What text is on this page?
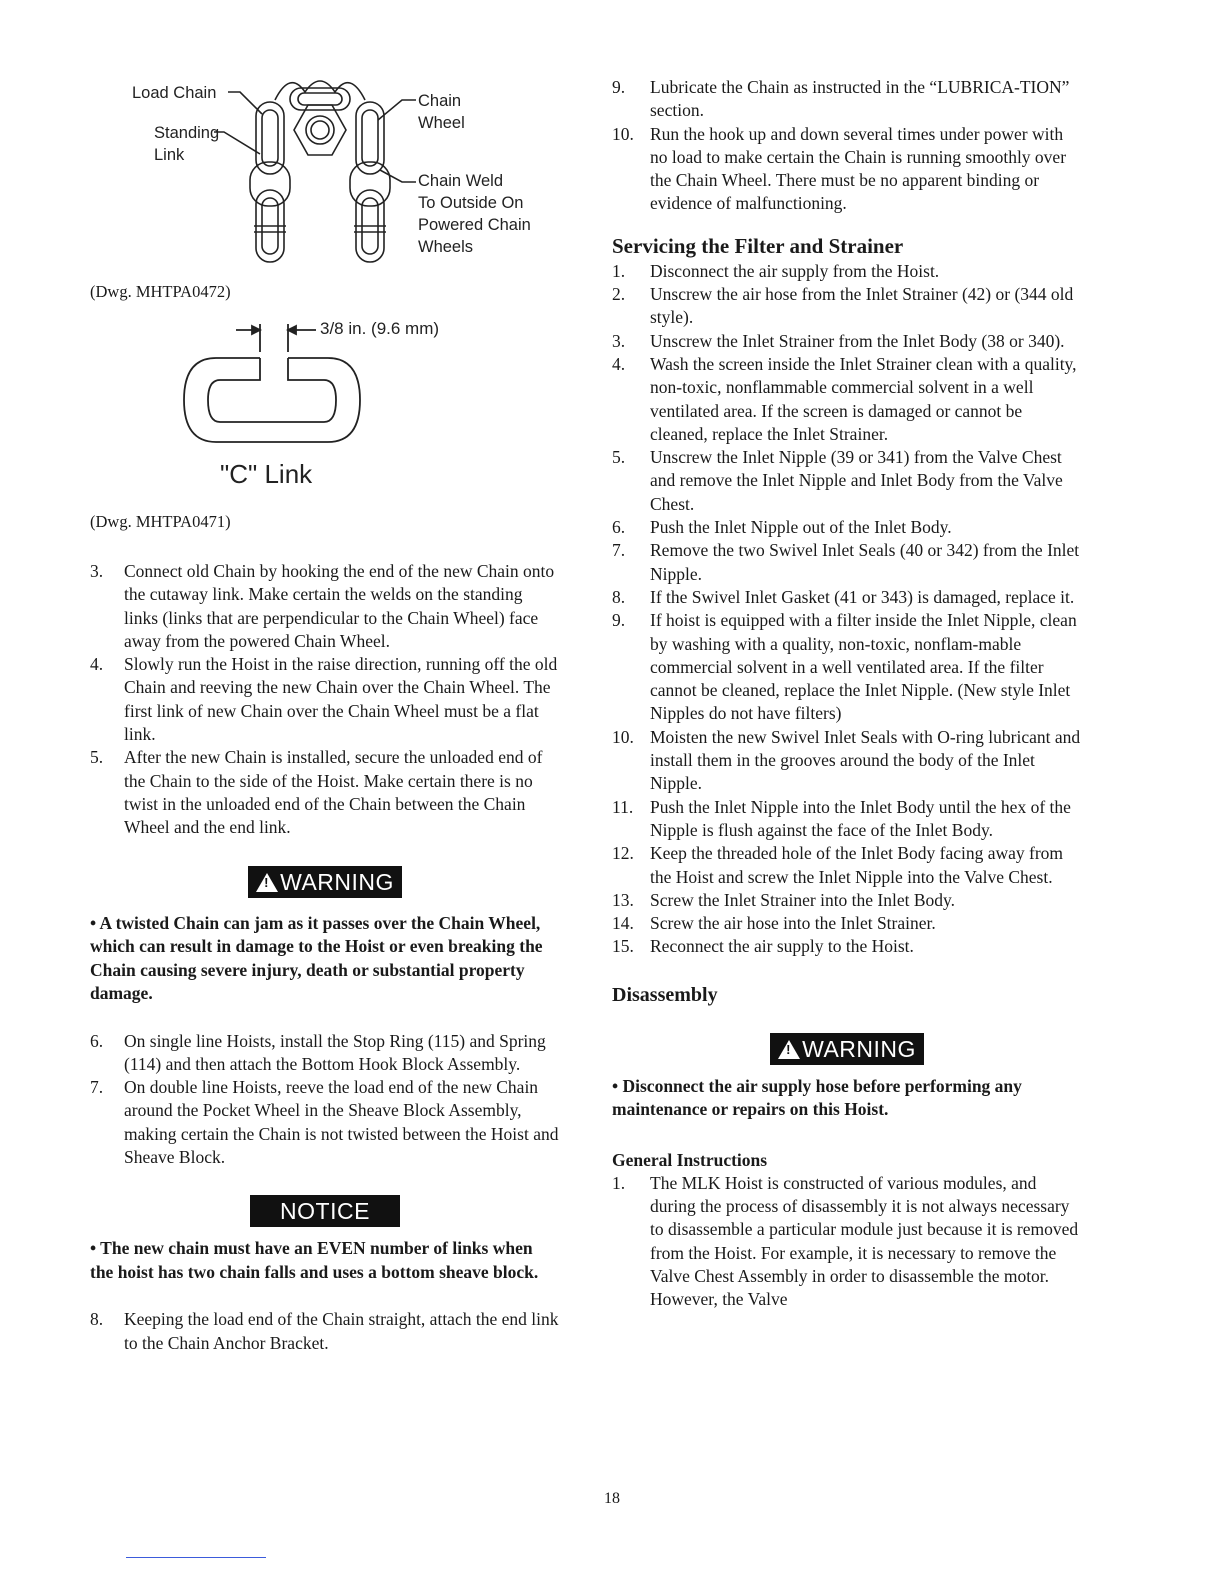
Load Chain
Standing
Link
Chain
Wheel
Chain Weld
To Outside On
Powered Chain
Wheels

(Dwg. MHTPA0472)

3/8 in. (9.6 mm)
"C" Link

(Dwg. MHTPA0471)

3.	Connect old Chain by hooking the end of the new Chain onto the cutaway link. Make certain the welds on the standing links (links that are perpendicular to the Chain Wheel) face away from the powered Chain Wheel.
4.	Slowly run the Hoist in the raise direction, running off the old Chain and reeving the new Chain over the Chain Wheel. The first link of new Chain over the Chain Wheel must be a flat link.
5.	After the new Chain is installed, secure the unloaded end of the Chain to the side of the Hoist. Make certain there is no twist in the unloaded end of the Chain between the Chain Wheel and the end link.
!WARNING

• A twisted Chain can jam as it passes over the Chain Wheel, which can result in damage to the Hoist or even breaking the Chain causing severe injury, death or substantial property damage.

6.	On single line Hoists, install the Stop Ring (115) and Spring (114) and then attach the Bottom Hook Block Assembly.
7.	On double line Hoists, reeve the load end of the new Chain around the Pocket Wheel in the Sheave Block Assembly, making certain the Chain is not twisted between the Hoist and Sheave Block.
NOTICE

• The new chain must have an EVEN number of links when the hoist has two chain falls and uses a bottom sheave block.

8.	Keeping the load end of the Chain straight, attach the end link to the Chain Anchor Bracket.
9.	Lubricate the Chain as instructed in the “LUBRICA-TION” section.
10. Run the hook up and down several times under power with no load to make certain the Chain is running smoothly over the Chain Wheel. There must be no apparent binding or evidence of malfunctioning.
Servicing the Filter and Strainer
1.	Disconnect the air supply from the Hoist.
2.	Unscrew the air hose from the Inlet Strainer (42) or (344 old style).
3.	Unscrew the Inlet Strainer from the Inlet Body (38 or 340).
4.	Wash the screen inside the Inlet Strainer clean with a quality, non-toxic, nonflammable commercial solvent in a well ventilated area. If the screen is damaged or cannot be cleaned, replace the Inlet Strainer.
5.	Unscrew the Inlet Nipple (39 or 341) from the Valve Chest and remove the Inlet Nipple and Inlet Body from the Valve Chest.
6.	Push the Inlet Nipple out of the Inlet Body.
7.	Remove the two Swivel Inlet Seals (40 or 342) from the Inlet Nipple.
8.	If the Swivel Inlet Gasket (41 or 343) is damaged, replace it.
9.	If hoist is equipped with a filter inside the Inlet Nipple, clean by washing with a quality, non-toxic, nonflam-mable commercial solvent in a well ventilated area. If the filter cannot be cleaned, replace the Inlet Nipple. (New style Inlet Nipples do not have filters)
10. Moisten the new Swivel Inlet Seals with O-ring lubricant and install them in the grooves around the body of the Inlet Nipple.
11. Push the Inlet Nipple into the Inlet Body until the hex of the Nipple is flush against the face of the Inlet Body.
12. Keep the threaded hole of the Inlet Body facing away from the Hoist and screw the Inlet Nipple into the Valve Chest.
13. Screw the Inlet Strainer into the Inlet Body.
14. Screw the air hose into the Inlet Strainer.
15. Reconnect the air supply to the Hoist.
Disassembly
!WARNING

• Disconnect the air supply hose before performing any maintenance or repairs on this Hoist.

General Instructions
1.	The MLK Hoist is constructed of various modules, and during the process of disassembly it is not always necessary to disassemble a particular module just because it is removed from the Hoist. For example, it is necessary to remove the Valve Chest Assembly in order to disassemble the motor. However, the Valve
18
